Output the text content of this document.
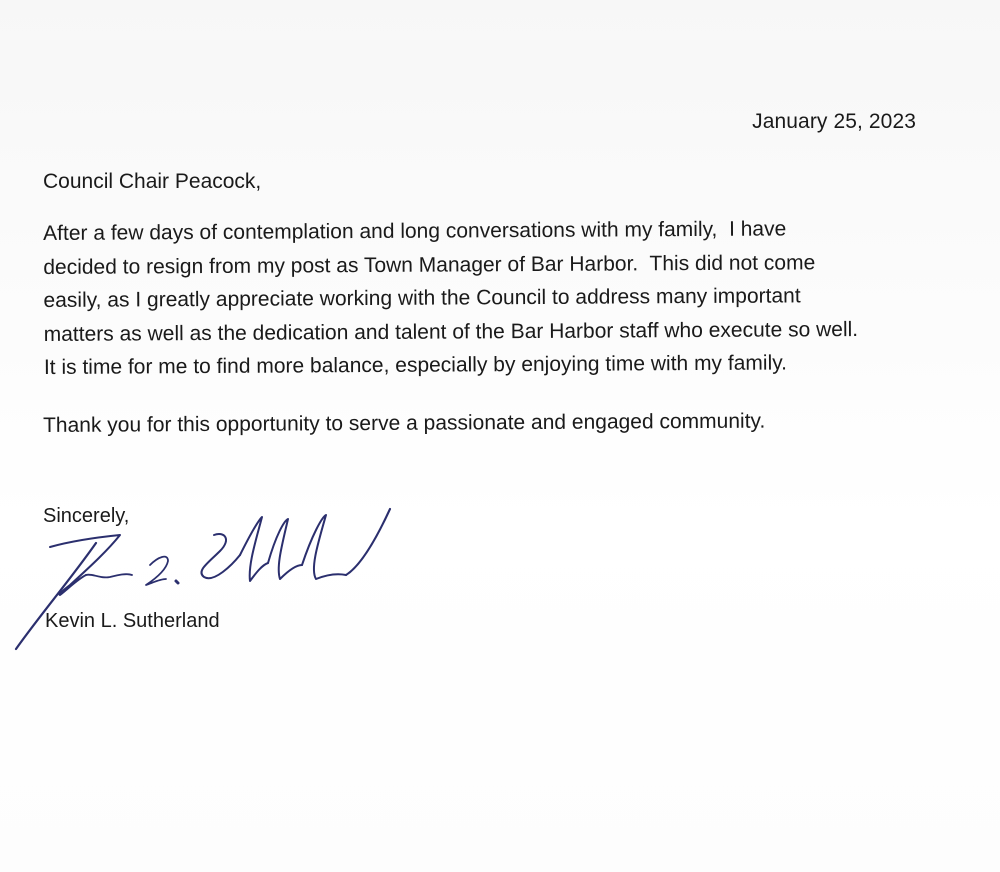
January 25, 2023
Council Chair Peacock,

After a few days of contemplation and long conversations with my family,  I have
decided to resign from my post as Town Manager of Bar Harbor.  This did not come
easily, as I greatly appreciate working with the Council to address many important
matters as well as the dedication and talent of the Bar Harbor staff who execute so well.
It is time for me to find more balance, especially by enjoying time with my family.

Thank you for this opportunity to serve a passionate and engaged community.
Sincerely,
Kevin L. Sutherland
